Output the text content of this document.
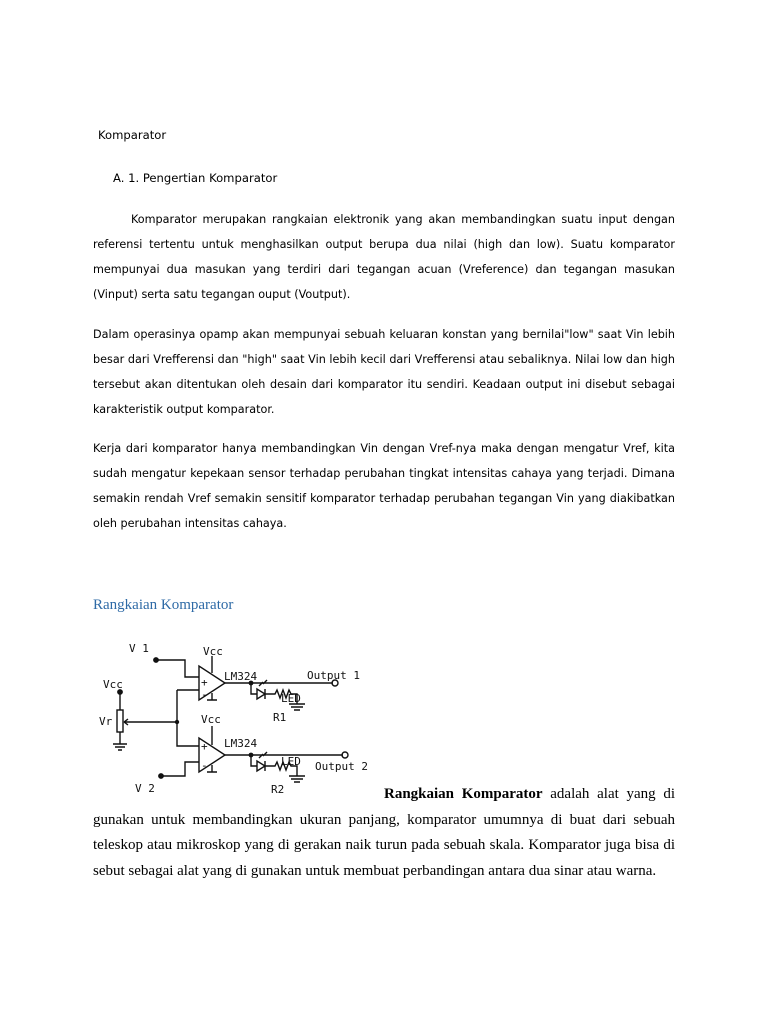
Komparator
A. 1. Pengertian Komparator

Komparator merupakan rangkaian elektronik yang akan membandingkan suatu input dengan referensi tertentu untuk menghasilkan output berupa dua nilai (high dan low). Suatu komparator mempunyai dua masukan yang terdiri dari tegangan acuan (Vreference) dan tegangan masukan (Vinput) serta satu tegangan ouput (Voutput).

Dalam operasinya opamp akan mempunyai sebuah keluaran konstan yang bernilai"low" saat Vin lebih besar dari Vrefferensi dan "high" saat Vin lebih kecil dari Vrefferensi atau sebaliknya. Nilai low dan high tersebut akan ditentukan oleh desain dari komparator itu sendiri. Keadaan output ini disebut sebagai karakteristik output komparator.

Kerja dari komparator hanya membandingkan Vin dengan Vref-nya maka dengan mengatur Vref, kita sudah mengatur kepekaan sensor terhadap perubahan tingkat intensitas cahaya yang terjadi. Dimana semakin rendah Vref semakin sensitif komparator terhadap perubahan tegangan Vin yang diakibatkan oleh perubahan intensitas cahaya.

Rangkaian Komparator
V 1
Vcc
Vr
Vcc
LM324	Output 1
LED
R1
+
-
Vcc
LM324
Output 2
LED
R2
+
-
V 2	Rangkaian Komparator adalah alat yang di gunakan untuk membandingkan ukuran panjang, komparator umumnya di buat dari sebuah teleskop atau mikroskop yang di gerakan naik turun pada sebuah skala. Komparator juga bisa di sebut sebagai alat yang di gunakan untuk membuat perbandingan antara dua sinar atau warna.
